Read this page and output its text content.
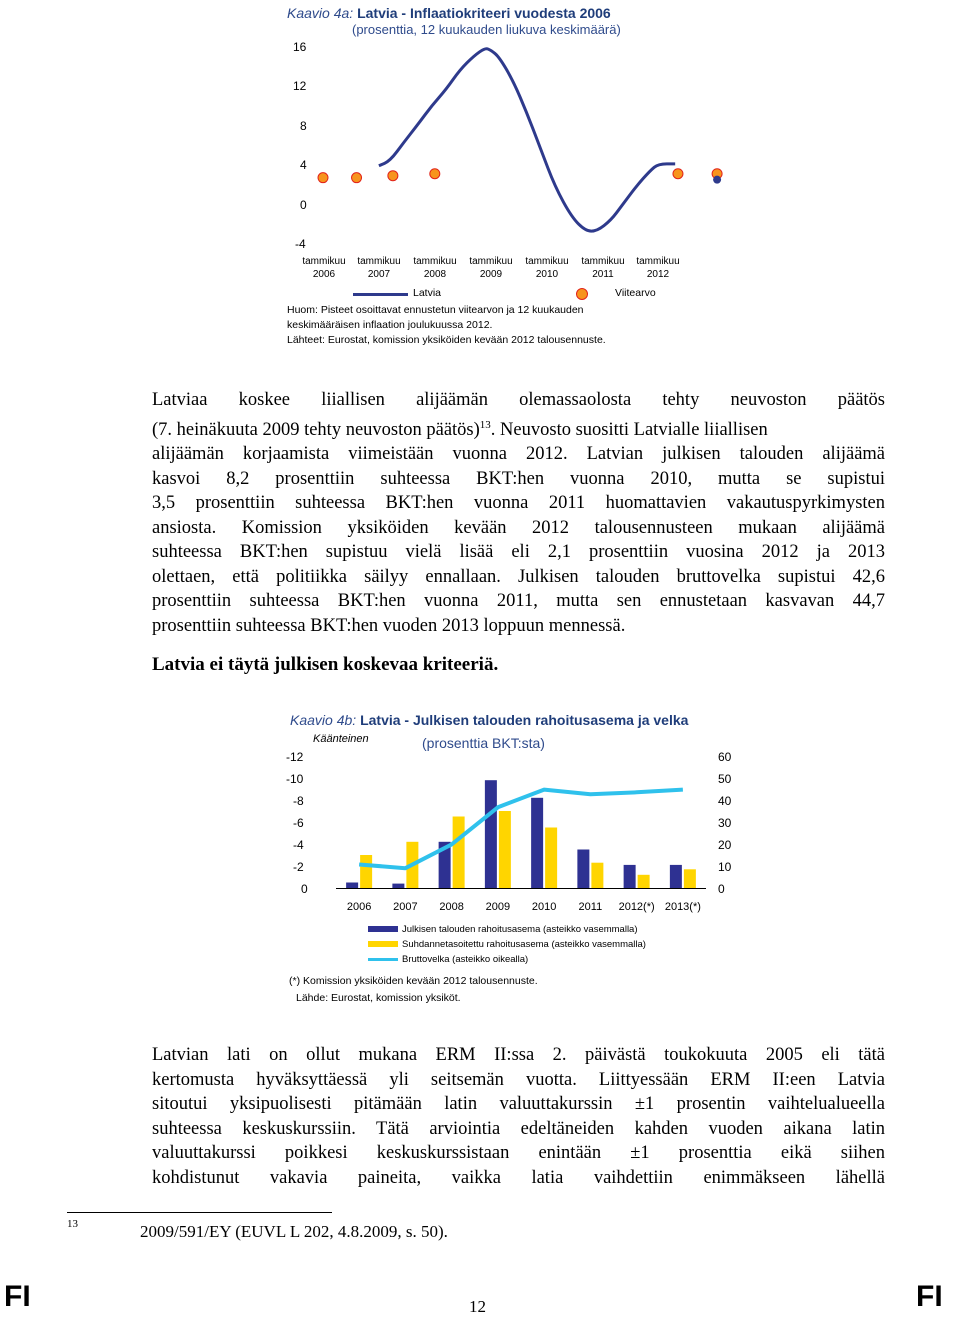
Kaavio 4a: Latvia - Inflaatiokriteeri vuodesta 2006
(prosenttia, 12 kuukauden liukuva keskimäärä)
16
12
8
4
0
-4
tammikuu
2006
tammikuu
2007
tammikuu
2008
tammikuu
2009
tammikuu
2010
tammikuu
2011
tammikuu
2012
Latvia	Viitearvo
Huom: Pisteet osoittavat ennustetun viitearvon ja 12 kuukauden
keskimääräisen inflaation joulukuussa 2012.
Lähteet: Eurostat, komission yksiköiden kevään 2012 talousennuste.
Latviaa koskee liiallisen alijäämän olemassaolosta tehty neuvoston päätös
(7. heinäkuuta 2009 tehty neuvoston päätös)$^{13}$. Neuvosto suositti Latvialle liiallisen
alijäämän korjaamista viimeistään vuonna 2012. Latvian julkisen talouden alijäämä
kasvoi 8,2 prosenttiin suhteessa BKT:hen vuonna 2010, mutta se supistui
3,5 prosenttiin suhteessa BKT:hen vuonna 2011 huomattavien vakautuspyrkimysten
ansiosta. Komission yksiköiden kevään 2012 talousennusteen mukaan alijäämä
suhteessa BKT:hen supistuu vielä lisää eli 2,1 prosenttiin vuosina 2012 ja 2013
olettaen, että politiikka säilyy ennallaan. Julkisen talouden bruttovelka supistui 42,6
prosenttiin suhteessa BKT:hen vuonna 2011, mutta sen ennustetaan kasvavan 44,7
prosenttiin suhteessa BKT:hen vuoden 2013 loppuun mennessä.
Latvia ei täytä julkisen koskevaa kriteeriä.
Kaavio 4b: Latvia - Julkisen talouden rahoitusasema ja velka
Käänteinen	(prosenttia BKT:sta)
-12
-10
-8
-6
-4
-2
0
60
50
40
30
20
10
0
2006 2007 2008 2009 2010 2011 2012(*) 2013(*)
Julkisen talouden rahoitusasema (asteikko vasemmalla)
Suhdannetasoitettu rahoitusasema (asteikko vasemmalla)
Bruttovelka (asteikko oikealla)
(*) Komission yksiköiden kevään 2012 talousennuste.
Lähde: Eurostat, komission yksiköt.
Latvian lati on ollut mukana ERM II:ssa 2. päivästä toukokuuta 2005 eli tätä
kertomusta hyväksyttäessä yli seitsemän vuotta. Liittyessään ERM II:een Latvia
sitoutui yksipuolisesti pitämään latin valuuttakurssin ±1 prosentin vaihtelualueella
suhteessa keskuskurssiin. Tätä arviointia edeltäneiden kahden vuoden aikana latin
valuuttakurssi poikkesi keskuskurssistaan enintään ±1 prosenttia eikä siihen
kohdistunut vakavia paineita, vaikka latia vaihdettiin enimmäkseen lähellä
13	2009/591/EY (EUVL L 202, 4.8.2009, s. 50).
FI	12	FI
